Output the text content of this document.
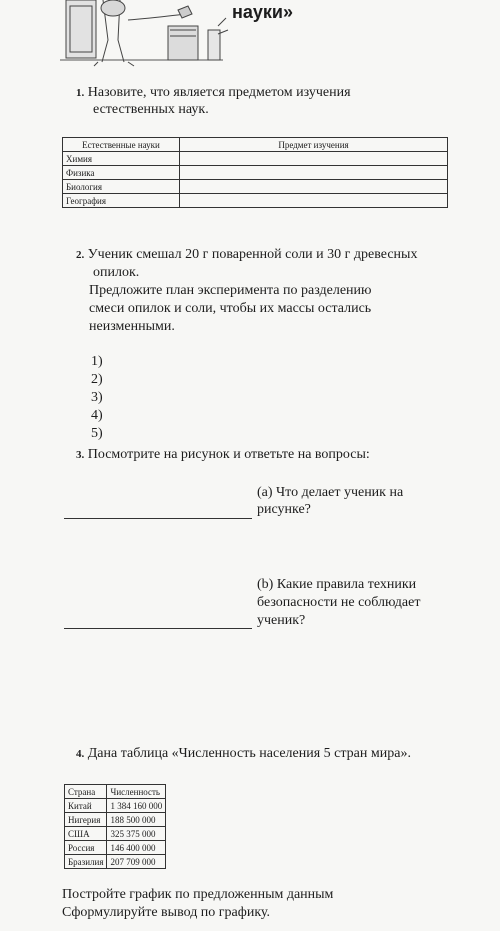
науки»
1. Назовите, что является предметом изучения
естественных наук.
Естественные науки	Предмет изучения
Химия	
Физика	
Биология	
География	
2. Ученик смешал 20 г поваренной соли и 30 г древесных
опилок.
Предложите план эксперимента по разделению
смеси опилок и соли, чтобы их массы остались
неизменными.
1)
2)
3)
4)
5)
3. Посмотрите на рисунок и ответьте на вопросы:
(a) Что делает ученик на
рисунке?
(b) Какие правила техники
безопасности не соблюдает
ученик?
4. Дана таблица «Численность населения 5 стран мира».
Страна	Численность
Китай	1 384 160 000
Нигерия	188 500 000
США	325 375 000
Россия	146 400 000
Бразилия	207 709 000
Постройте график по предложенным данным
Сформулируйте вывод по графику.
